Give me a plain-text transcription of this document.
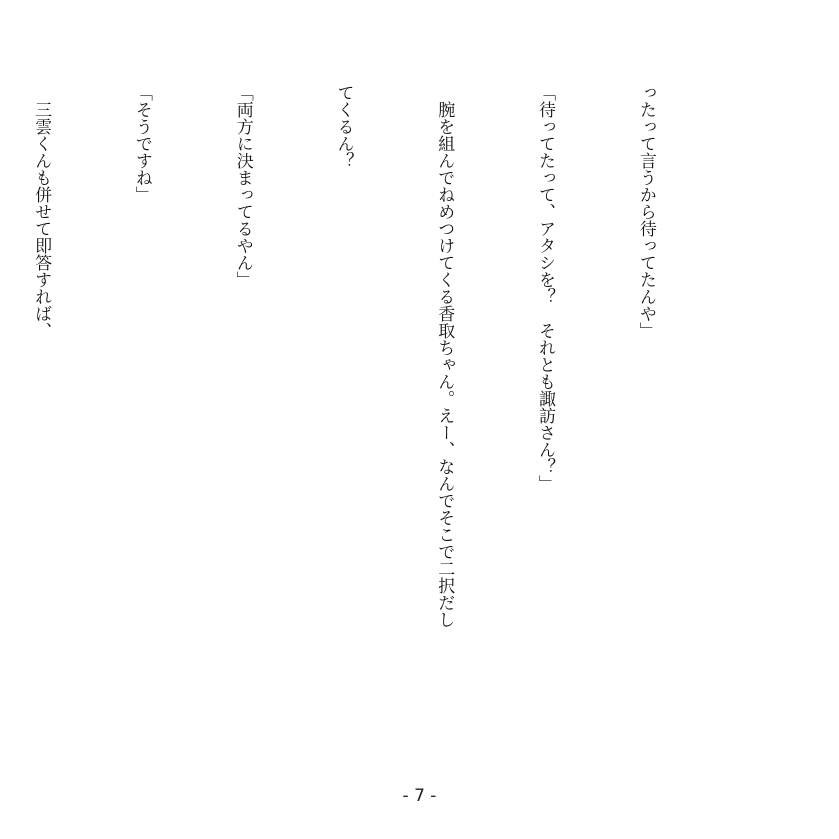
ったって言うから待ってたんや」

「待ってたって、アタシを？　それとも諏訪さん？」

　腕を組んでねめつけてくる香取ちゃん。えー、なんでそこで二択だし

てくるん？

「両方に決まってるやん」

「そうですね」

　三雲くんも併せて即答すれば、

- 7 -
